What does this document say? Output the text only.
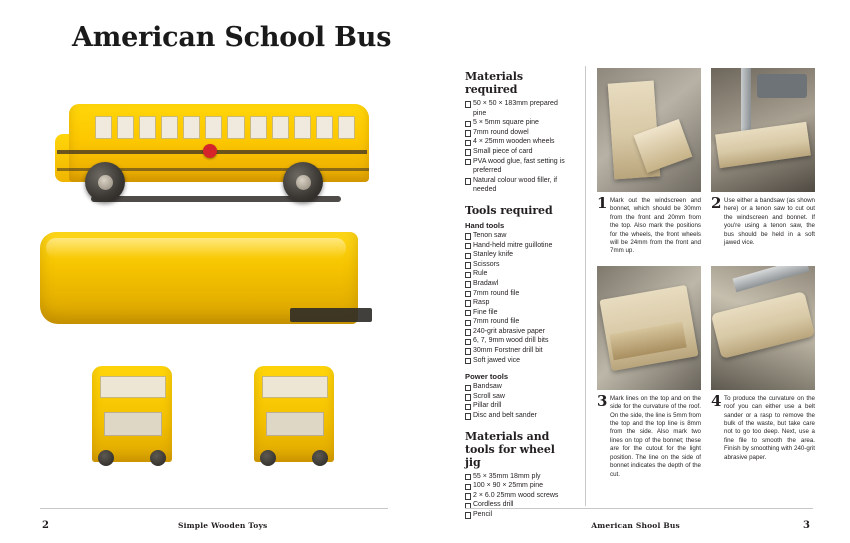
American School Bus
2	Simple Wooden Toys
Materials required
50 × 50 × 183mm prepared pine
5 × 5mm square pine
7mm round dowel
4 × 25mm wooden wheels
Small piece of card
PVA wood glue, fast setting is preferred
Natural colour wood filler, if needed
Tools required
Hand tools
Tenon saw
Hand-held mitre guillotine
Stanley knife
Scissors
Rule
Bradawl
7mm round file
Rasp
Fine file
7mm round file
240-grit abrasive paper
6, 7, 9mm wood drill bits
30mm Forstner drill bit
Soft jawed vice
Power tools
Bandsaw
Scroll saw
Pillar drill
Disc and belt sander
Materials and tools for wheel jig
55 × 35mm 18mm ply
100 × 90 × 25mm pine
2 × 6.0 25mm wood screws
Cordless drill
Pencil
1 Mark out the windscreen and bonnet, which should be 30mm from the front and 20mm from the top. Also mark the positions for the wheels, the front wheels will be 24mm from the front and 7mm up.
2 Use either a bandsaw (as shown here) or a tenon saw to cut out the windscreen and bonnet. If you're using a tenon saw, the bus should be held in a soft jawed vice.
3 Mark lines on the top and on the side for the curvature of the roof. On the side, the line is 5mm from the top and the top line is 8mm from the side. Also mark two lines on top of the bonnet; these are for the cutout for the light position. The line on the side of bonnet indicates the depth of the cut.
4 To produce the curvature on the roof you can either use a belt sander or a rasp to remove the bulk of the waste, but take care not to go too deep. Next, use a fine file to smooth the area. Finish by smoothing with 240-grit abrasive paper.
American Shool Bus	3
